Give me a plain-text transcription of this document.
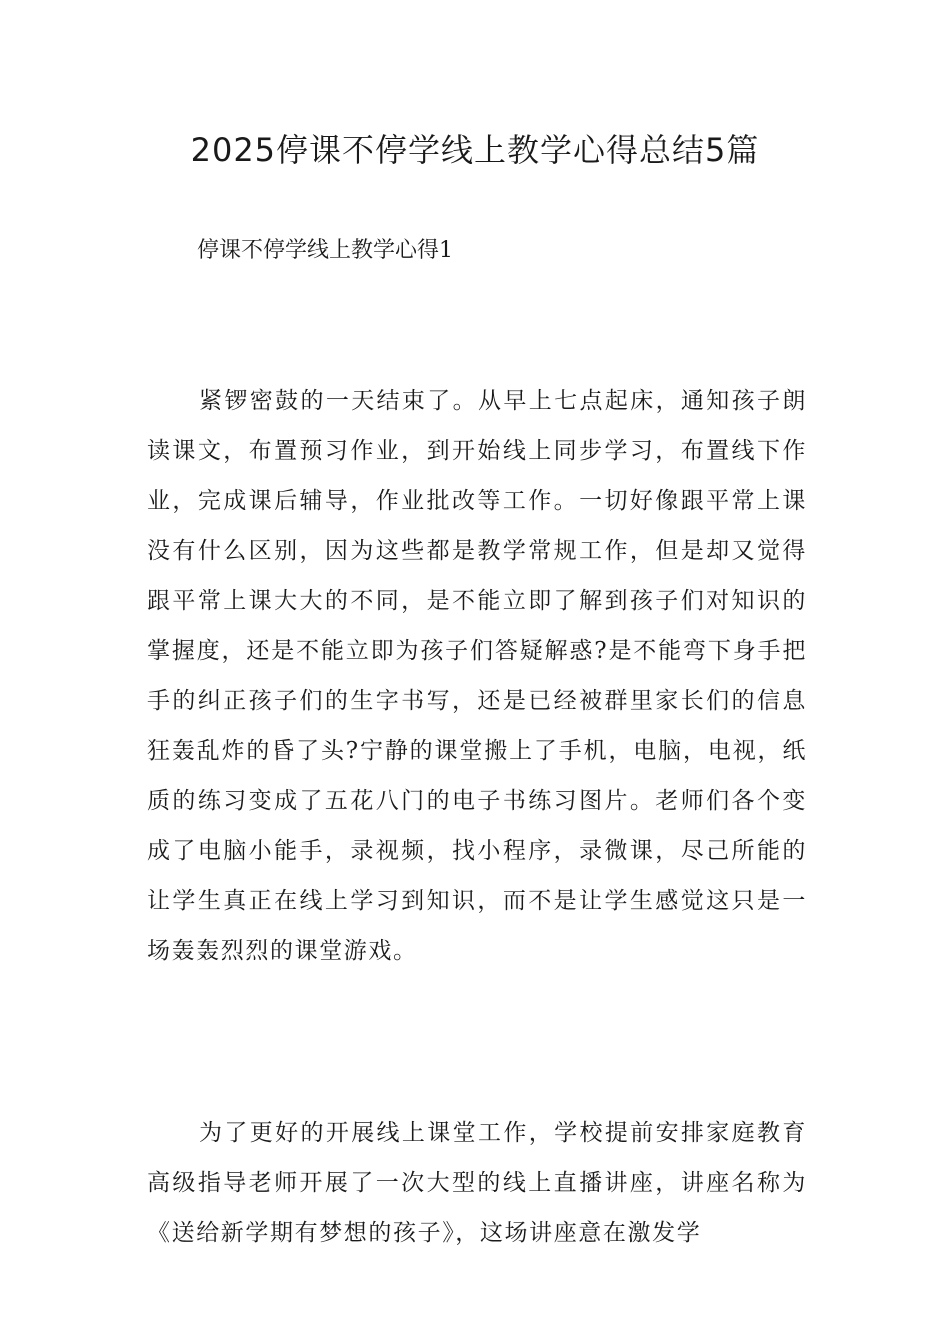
2025停课不停学线上教学心得总结5篇
停课不停学线上教学心得1

紧锣密鼓的一天结束了。从早上七点起床，通知孩子朗读课文，布置预习作业，到开始线上同步学习，布置线下作业，完成课后辅导，作业批改等工作。一切好像跟平常上课没有什么区别，因为这些都是教学常规工作，但是却又觉得跟平常上课大大的不同，是不能立即了解到孩子们对知识的掌握度，还是不能立即为孩子们答疑解惑?是不能弯下身手把手的纠正孩子们的生字书写，还是已经被群里家长们的信息狂轰乱炸的昏了头?宁静的课堂搬上了手机，电脑，电视，纸质的练习变成了五花八门的电子书练习图片。老师们各个变成了电脑小能手，录视频，找小程序，录微课，尽己所能的让学生真正在线上学习到知识，而不是让学生感觉这只是一场轰轰烈烈的课堂游戏。

为了更好的开展线上课堂工作，学校提前安排家庭教育高级指导老师开展了一次大型的线上直播讲座，讲座名称为《送给新学期有梦想的孩子》，这场讲座意在激发学
